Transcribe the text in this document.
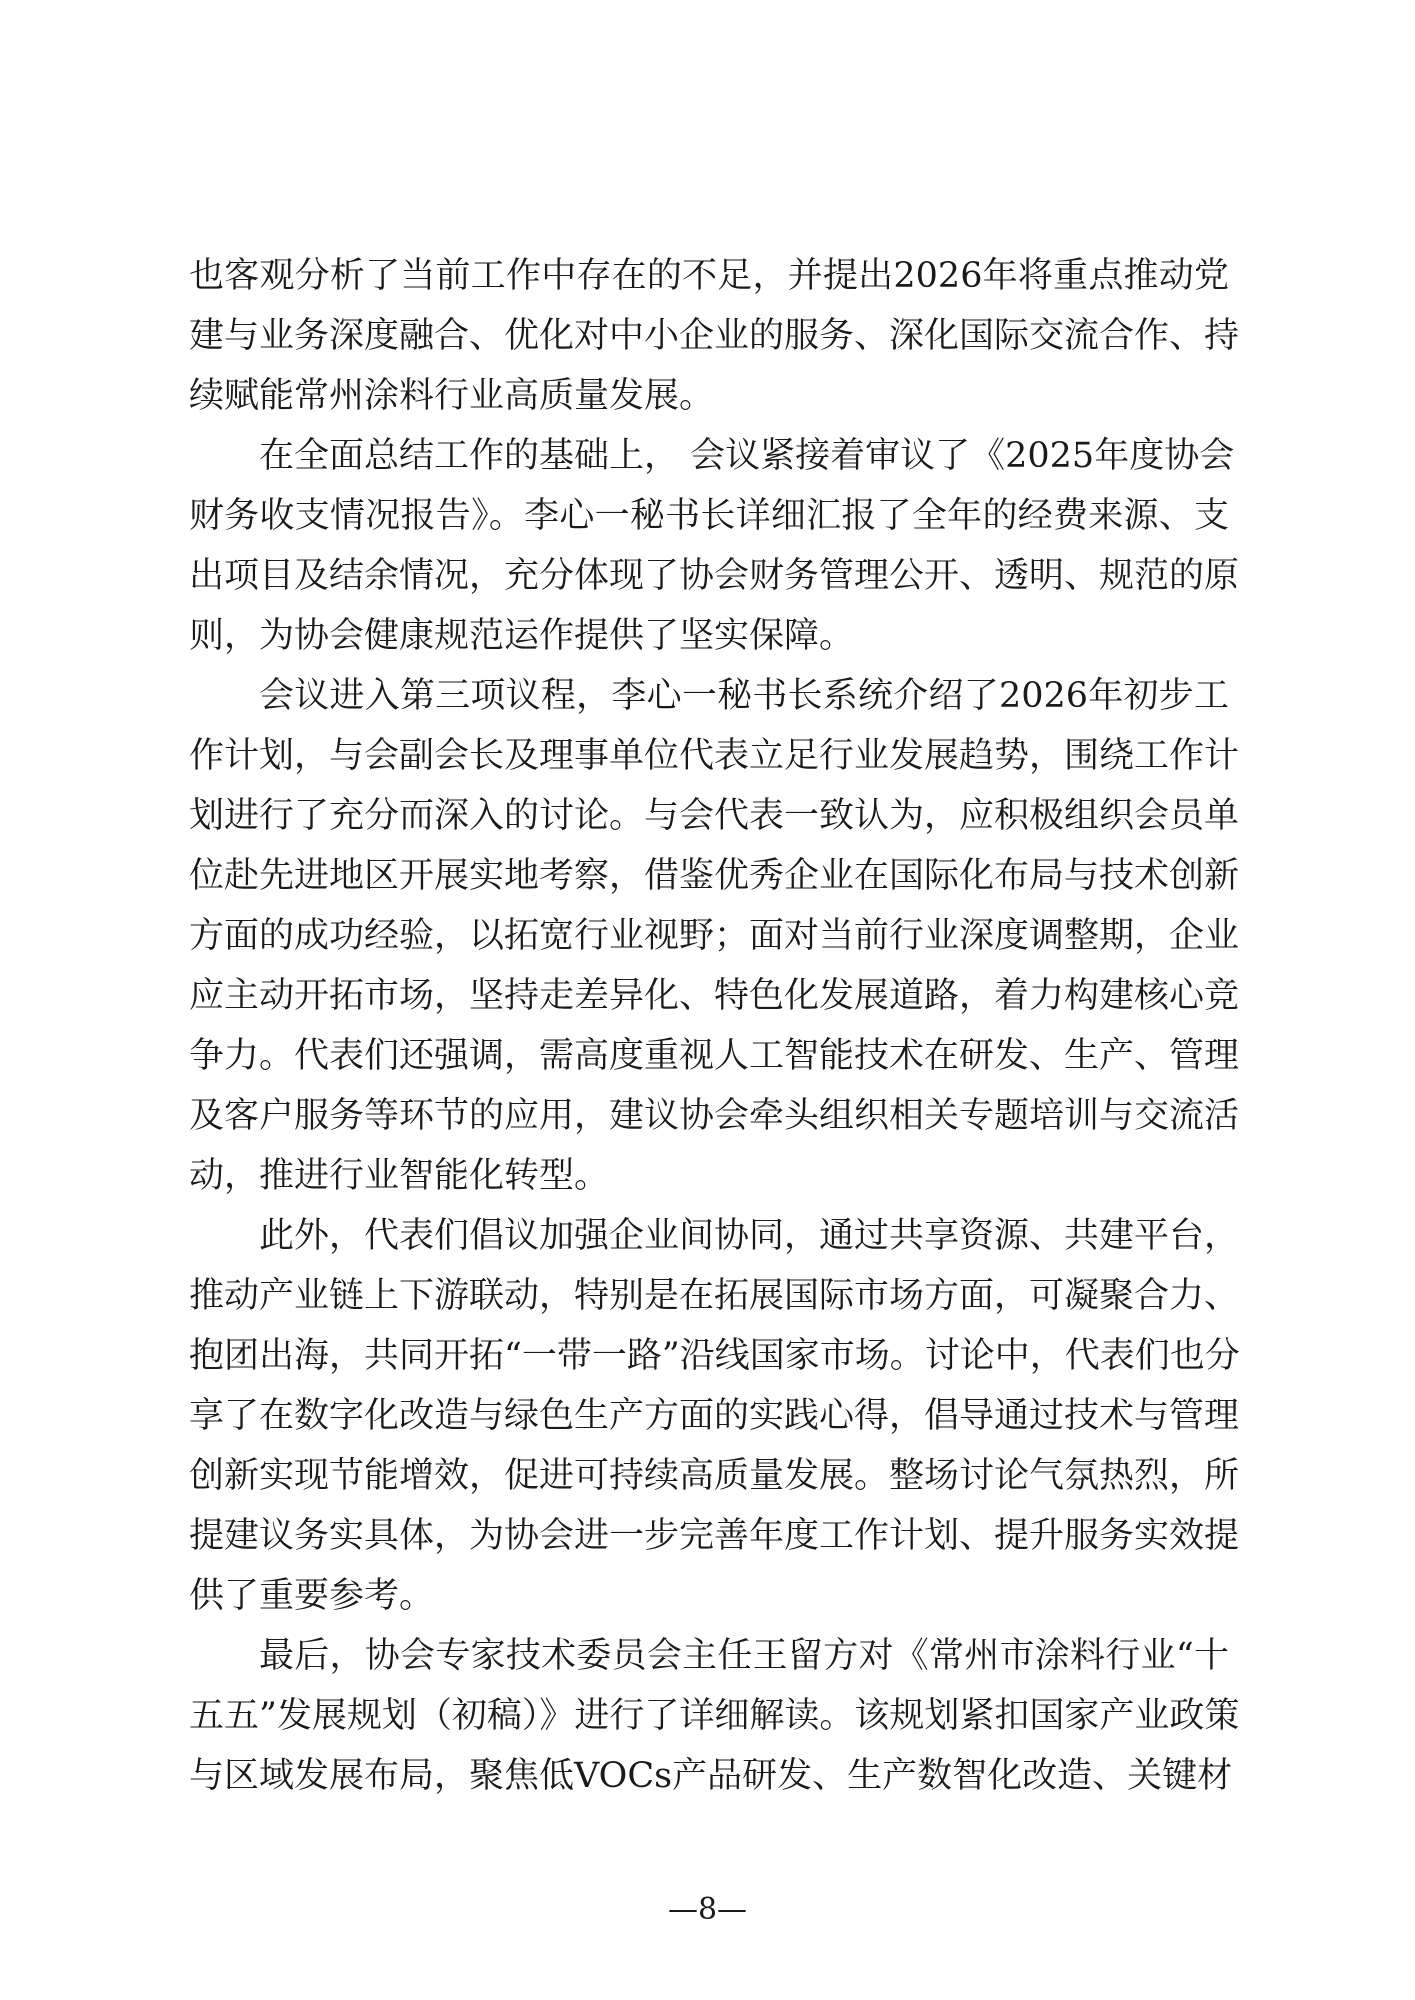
也客观分析了当前工作中存在的不足，并提出2026年将重点推动党
建与业务深度融合、优化对中小企业的服务、深化国际交流合作、持
续赋能常州涂料行业高质量发展。
在全面总结工作的基础上， 会议紧接着审议了《2025年度协会
财务收支情况报告》。李心一秘书长详细汇报了全年的经费来源、支
出项目及结余情况，充分体现了协会财务管理公开、透明、规范的原
则，为协会健康规范运作提供了坚实保障。
会议进入第三项议程，李心一秘书长系统介绍了2026年初步工
作计划，与会副会长及理事单位代表立足行业发展趋势，围绕工作计
划进行了充分而深入的讨论。与会代表一致认为，应积极组织会员单
位赴先进地区开展实地考察，借鉴优秀企业在国际化布局与技术创新
方面的成功经验，以拓宽行业视野；面对当前行业深度调整期，企业
应主动开拓市场，坚持走差异化、特色化发展道路，着力构建核心竞
争力。代表们还强调，需高度重视人工智能技术在研发、生产、管理
及客户服务等环节的应用，建议协会牵头组织相关专题培训与交流活
动，推进行业智能化转型。
此外，代表们倡议加强企业间协同，通过共享资源、共建平台，
推动产业链上下游联动，特别是在拓展国际市场方面，可凝聚合力、
抱团出海，共同开拓“一带一路”沿线国家市场。讨论中，代表们也分
享了在数字化改造与绿色生产方面的实践心得，倡导通过技术与管理
创新实现节能增效，促进可持续高质量发展。整场讨论气氛热烈，所
提建议务实具体，为协会进一步完善年度工作计划、提升服务实效提
供了重要参考。
最后，协会专家技术委员会主任王留方对《常州市涂料行业“十
五五”发展规划（初稿）》进行了详细解读。该规划紧扣国家产业政策
与区域发展布局，聚焦低VOCs产品研发、生产数智化改造、关键材
—8—
